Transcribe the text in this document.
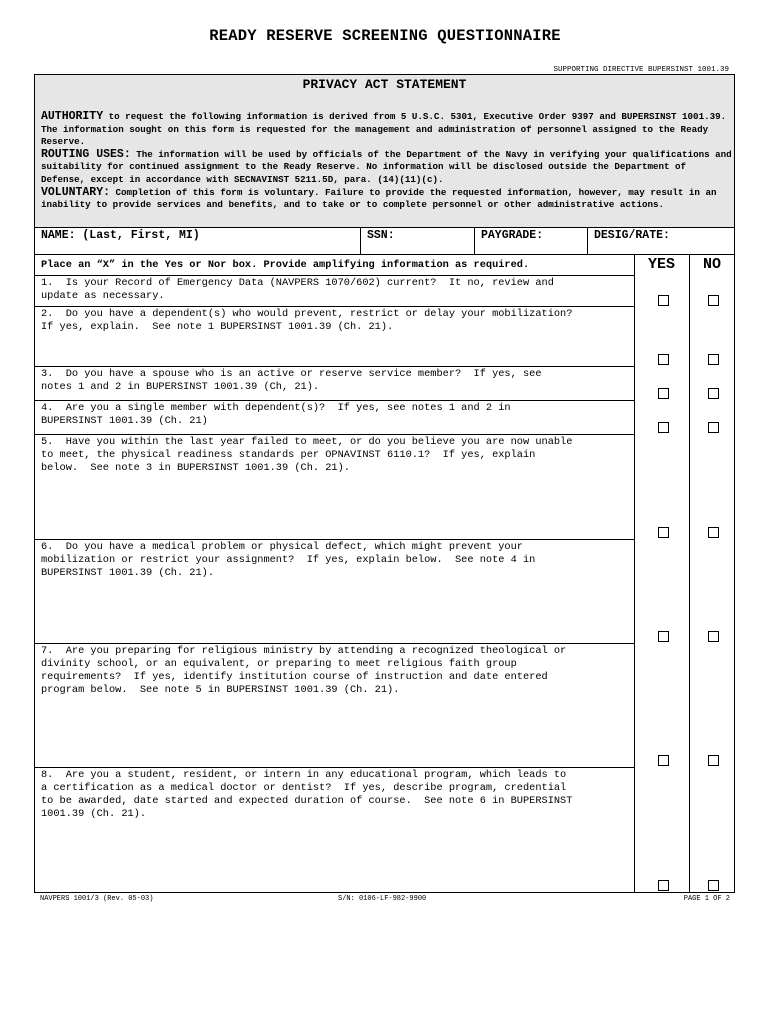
READY RESERVE SCREENING QUESTIONNAIRE
SUPPORTING DIRECTIVE BUPERSINST 1001.39
PRIVACY ACT STATEMENT
AUTHORITY to request the following information is derived from 5 U.S.C. 5301, Executive Order 9397 and BUPERSINST 1001.39. The information sought on this form is requested for the management and administration of personnel assigned to the Ready Reserve.
ROUTING USES: The information will be used by officials of the Department of the Navy in verifying your qualifications and suitability for continued assignment to the Ready Reserve. No information will be disclosed outside the Department of Defense, except in accordance with SECNAVINST 5211.5D, para. (14)(11)(c).
VOLUNTARY: Completion of this form is voluntary. Failure to provide the requested information, however, may result in an inability to provide services and benefits, and to take or to complete personnel or other administrative actions.
NAME: (Last, First, MI)	SSN:	PAYGRADE:	DESIG/RATE:
Place an “X” in the Yes or Nor box. Provide amplifying information as required.	YES	NO
1.  Is your Record of Emergency Data (NAVPERS 1070/602) current?  It no, review and
update as necessary.
2.  Do you have a dependent(s) who would prevent, restrict or delay your mobilization?
If yes, explain.  See note 1 BUPERSINST 1001.39 (Ch. 21).
3.  Do you have a spouse who is an active or reserve service member?  If yes, see
notes 1 and 2 in BUPERSINST 1001.39 (Ch, 21).
4.  Are you a single member with dependent(s)?  If yes, see notes 1 and 2 in
BUPERSINST 1001.39 (Ch. 21)
5.  Have you within the last year failed to meet, or do you believe you are now unable
to meet, the physical readiness standards per OPNAVINST 6110.1?  If yes, explain
below.  See note 3 in BUPERSINST 1001.39 (Ch. 21).
6.  Do you have a medical problem or physical defect, which might prevent your
mobilization or restrict your assignment?  If yes, explain below.  See note 4 in
BUPERSINST 1001.39 (Ch. 21).
7.  Are you preparing for religious ministry by attending a recognized theological or
divinity school, or an equivalent, or preparing to meet religious faith group
requirements?  If yes, identify institution course of instruction and date entered
program below.  See note 5 in BUPERSINST 1001.39 (Ch. 21).
8.  Are you a student, resident, or intern in any educational program, which leads to
a certification as a medical doctor or dentist?  If yes, describe program, credential
to be awarded, date started and expected duration of course.  See note 6 in BUPERSINST
1001.39 (Ch. 21).
NAVPERS 1001/3 (Rev. 05-03)	S/N: 0106-LF-982-9900	PAGE 1 OF 2
